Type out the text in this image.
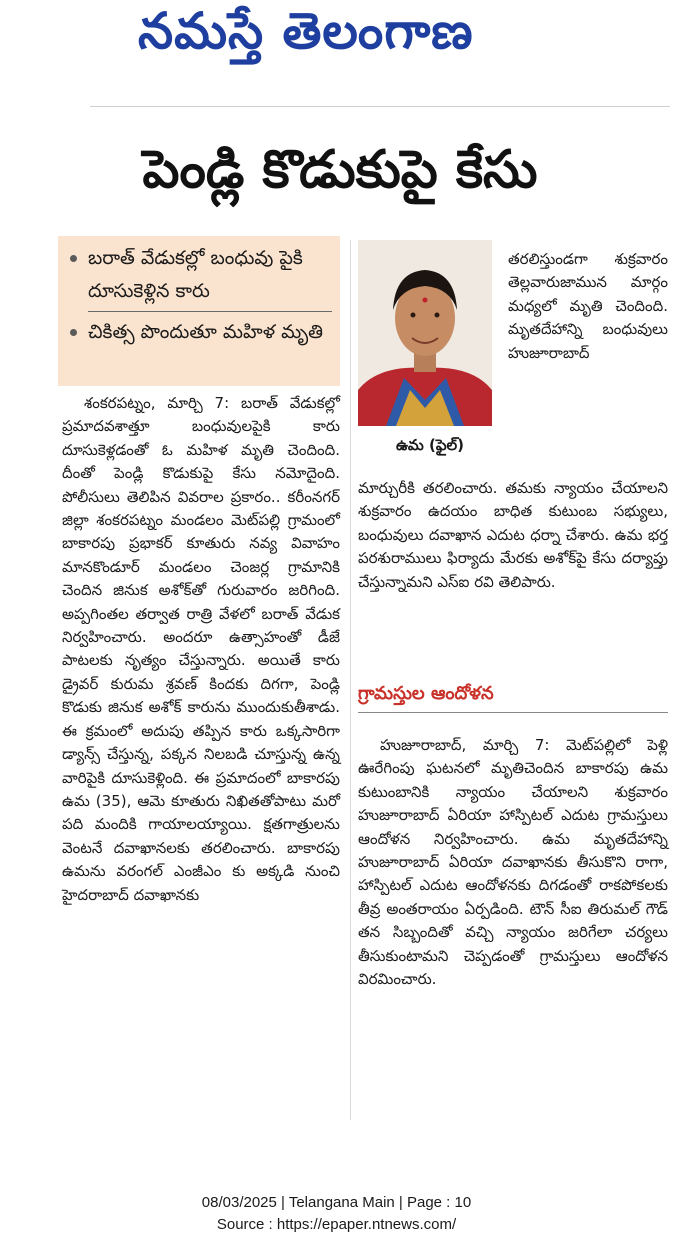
నమస్తే తెలంగాణ
పెండ్లి కొడుకుపై కేసు
బరాత్ వేడుకల్లో బంధువు పైకి దూసుకెళ్లిన కారు
చికిత్స పొందుతూ మహిళ మృతి

శంకరపట్నం, మార్చి 7: బరాత్ వేడుకల్లో ప్రమాదవశాత్తూ బంధువులపైకి కారు దూసుకెళ్లడంతో ఓ మహిళ మృతి చెందింది. దీంతో పెండ్లి కొడుకుపై కేసు నమోదైంది. పోలీసులు తెలిపిన వివరాల ప్రకారం.. కరీంనగర్ జిల్లా శంకరపట్నం మండలం మెట్‌పల్లి గ్రామంలో బాకారపు ప్రభాకర్ కూతురు నవ్య వివాహం మానకొండూర్ మండలం చెంజర్ల గ్రామానికి చెందిన జినుక అశోక్‌తో గురువారం జరిగింది. అప్పగింతల తర్వాత రాత్రి వేళలో బరాత్ వేడుక నిర్వహించారు. అందరూ ఉత్సాహంతో డీజే పాటలకు నృత్యం చేస్తున్నారు. అయితే కారు డ్రైవర్ కురుమ శ్రవణ్ కిందకు దిగగా, పెండ్లి కొడుకు జినుక అశోక్ కారును ముందుకుతీశాడు. ఈ క్రమంలో అదుపు తప్పిన కారు ఒక్కసారిగా డ్యాన్స్ చేస్తున్న, పక్కన నిలబడి చూస్తున్న ఉన్న వారిపైకి దూసుకెళ్లింది. ఈ ప్రమాదంలో బాకారపు ఉమ (35), ఆమె కూతురు నిఖితతోపాటు మరో పది మందికి గాయాలయ్యాయి. క్షతగాత్రులను వెంటనే దవాఖానలకు తరలించారు. బాకారపు ఉమను వరంగల్ ఎంజీఎం కు అక్కడి నుంచి హైదరాబాద్ దవాఖానకు

ఉమ (ఫైల్)

తరలిస్తుండగా శుక్రవారం తెల్లవారుజామున మార్గం మధ్యలో మృతి చెందింది. మృతదేహాన్ని బంధువులు హుజూరాబాద్

మార్చురీకి తరలించారు. తమకు న్యాయం చేయాలని శుక్రవారం ఉదయం బాధిత కుటుంబ సభ్యులు, బంధువులు దవాఖాన ఎదుట ధర్నా చేశారు. ఉమ భర్త పరశురాములు ఫిర్యాదు మేరకు అశోక్‌పై కేసు దర్యాప్తు చేస్తున్నామని ఎస్ఐ రవి తెలిపారు.

గ్రామస్తుల ఆందోళన

హుజూరాబాద్, మార్చి 7: మెట్‌పల్లిలో పెళ్లి ఊరేగింపు ఘటనలో మృతిచెందిన బాకారపు ఉమ కుటుంబానికి న్యాయం చేయాలని శుక్రవారం హుజూరాబాద్ ఏరియా హాస్పిటల్ ఎదుట గ్రామస్తులు ఆందోళన నిర్వహించారు. ఉమ మృతదేహాన్ని హుజూరాబాద్ ఏరియా దవాఖానకు తీసుకొని రాగా, హాస్పిటల్ ఎదుట ఆందోళనకు దిగడంతో రాకపోకలకు తీవ్ర అంతరాయం ఏర్పడింది. టౌన్ సీఐ తిరుమల్ గౌడ్ తన సిబ్బందితో వచ్చి న్యాయం జరిగేలా చర్యలు తీసుకుంటామని చెప్పడంతో గ్రామస్తులు ఆందోళన విరమించారు.

08/03/2025 | Telangana Main | Page : 10
Source : https://epaper.ntnews.com/
